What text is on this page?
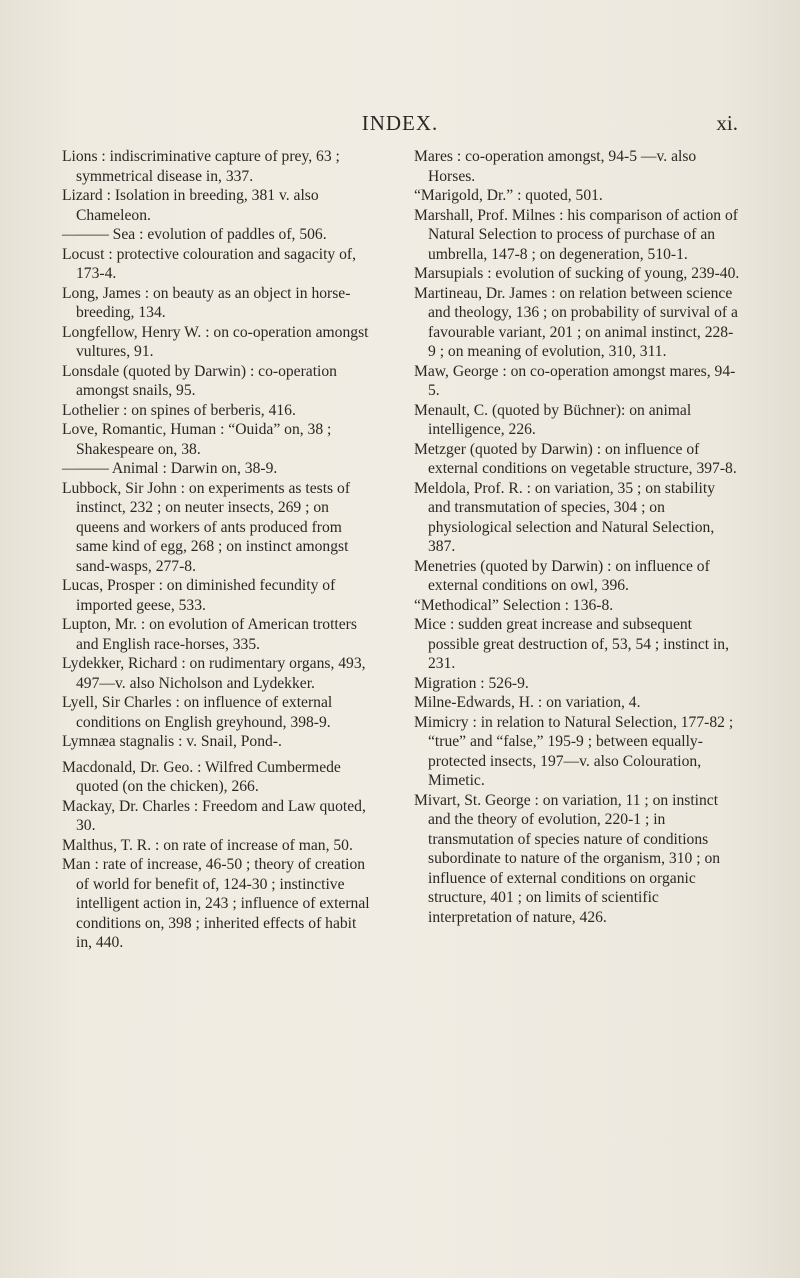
INDEX.	xi.

Lions : indiscriminative capture of prey, 63 ; symmetrical disease in, 337.

Lizard : Isolation in breeding, 381 v. also Chameleon.

——— Sea : evolution of paddles of, 506.

Locust : protective colouration and sagacity of, 173-4.

Long, James : on beauty as an object in horse-breeding, 134.

Longfellow, Henry W. : on co-operation amongst vultures, 91.

Lonsdale (quoted by Darwin) : co-operation amongst snails, 95.

Lothelier : on spines of berberis, 416.

Love, Romantic, Human : “Ouida” on, 38 ; Shakespeare on, 38.

——— Animal : Darwin on, 38-9.

Lubbock, Sir John : on experiments as tests of instinct, 232 ; on neuter insects, 269 ; on queens and workers of ants produced from same kind of egg, 268 ; on instinct amongst sand-wasps, 277-8.

Lucas, Prosper : on diminished fecundity of imported geese, 533.

Lupton, Mr. : on evolution of American trotters and English race-horses, 335.

Lydekker, Richard : on rudimentary organs, 493, 497—v. also Nicholson and Lydekker.

Lyell, Sir Charles : on influence of external conditions on English greyhound, 398-9.

Lymnæa stagnalis : v. Snail, Pond-.

Macdonald, Dr. Geo. : Wilfred Cumbermede quoted (on the chicken), 266.

Mackay, Dr. Charles : Freedom and Law quoted, 30.

Malthus, T. R. : on rate of increase of man, 50.

Man : rate of increase, 46-50 ; theory of creation of world for benefit of, 124-30 ; instinctive intelligent action in, 243 ; influence of external conditions on, 398 ; inherited effects of habit in, 440.

Mares : co-operation amongst, 94-5 —v. also Horses.

“Marigold, Dr.” : quoted, 501.

Marshall, Prof. Milnes : his comparison of action of Natural Selection to process of purchase of an umbrella, 147-8 ; on degeneration, 510-1.

Marsupials : evolution of sucking of young, 239-40.

Martineau, Dr. James : on relation between science and theology, 136 ; on probability of survival of a favourable variant, 201 ; on animal instinct, 228-9 ; on meaning of evolution, 310, 311.

Maw, George : on co-operation amongst mares, 94-5.

Menault, C. (quoted by Büchner): on animal intelligence, 226.

Metzger (quoted by Darwin) : on influence of external conditions on vegetable structure, 397-8.

Meldola, Prof. R. : on variation, 35 ; on stability and transmutation of species, 304 ; on physiological selection and Natural Selection, 387.

Menetries (quoted by Darwin) : on influence of external conditions on owl, 396.

“Methodical” Selection : 136-8.

Mice : sudden great increase and subsequent possible great destruction of, 53, 54 ; instinct in, 231.

Migration : 526-9.

Milne-Edwards, H. : on variation, 4.

Mimicry : in relation to Natural Selection, 177-82 ; “true” and “false,” 195-9 ; between equally-protected insects, 197—v. also Colouration, Mimetic.

Mivart, St. George : on variation, 11 ; on instinct and the theory of evolution, 220-1 ; in transmutation of species nature of conditions subordinate to nature of the organism, 310 ; on influence of external conditions on organic structure, 401 ; on limits of scientific interpretation of nature, 426.
